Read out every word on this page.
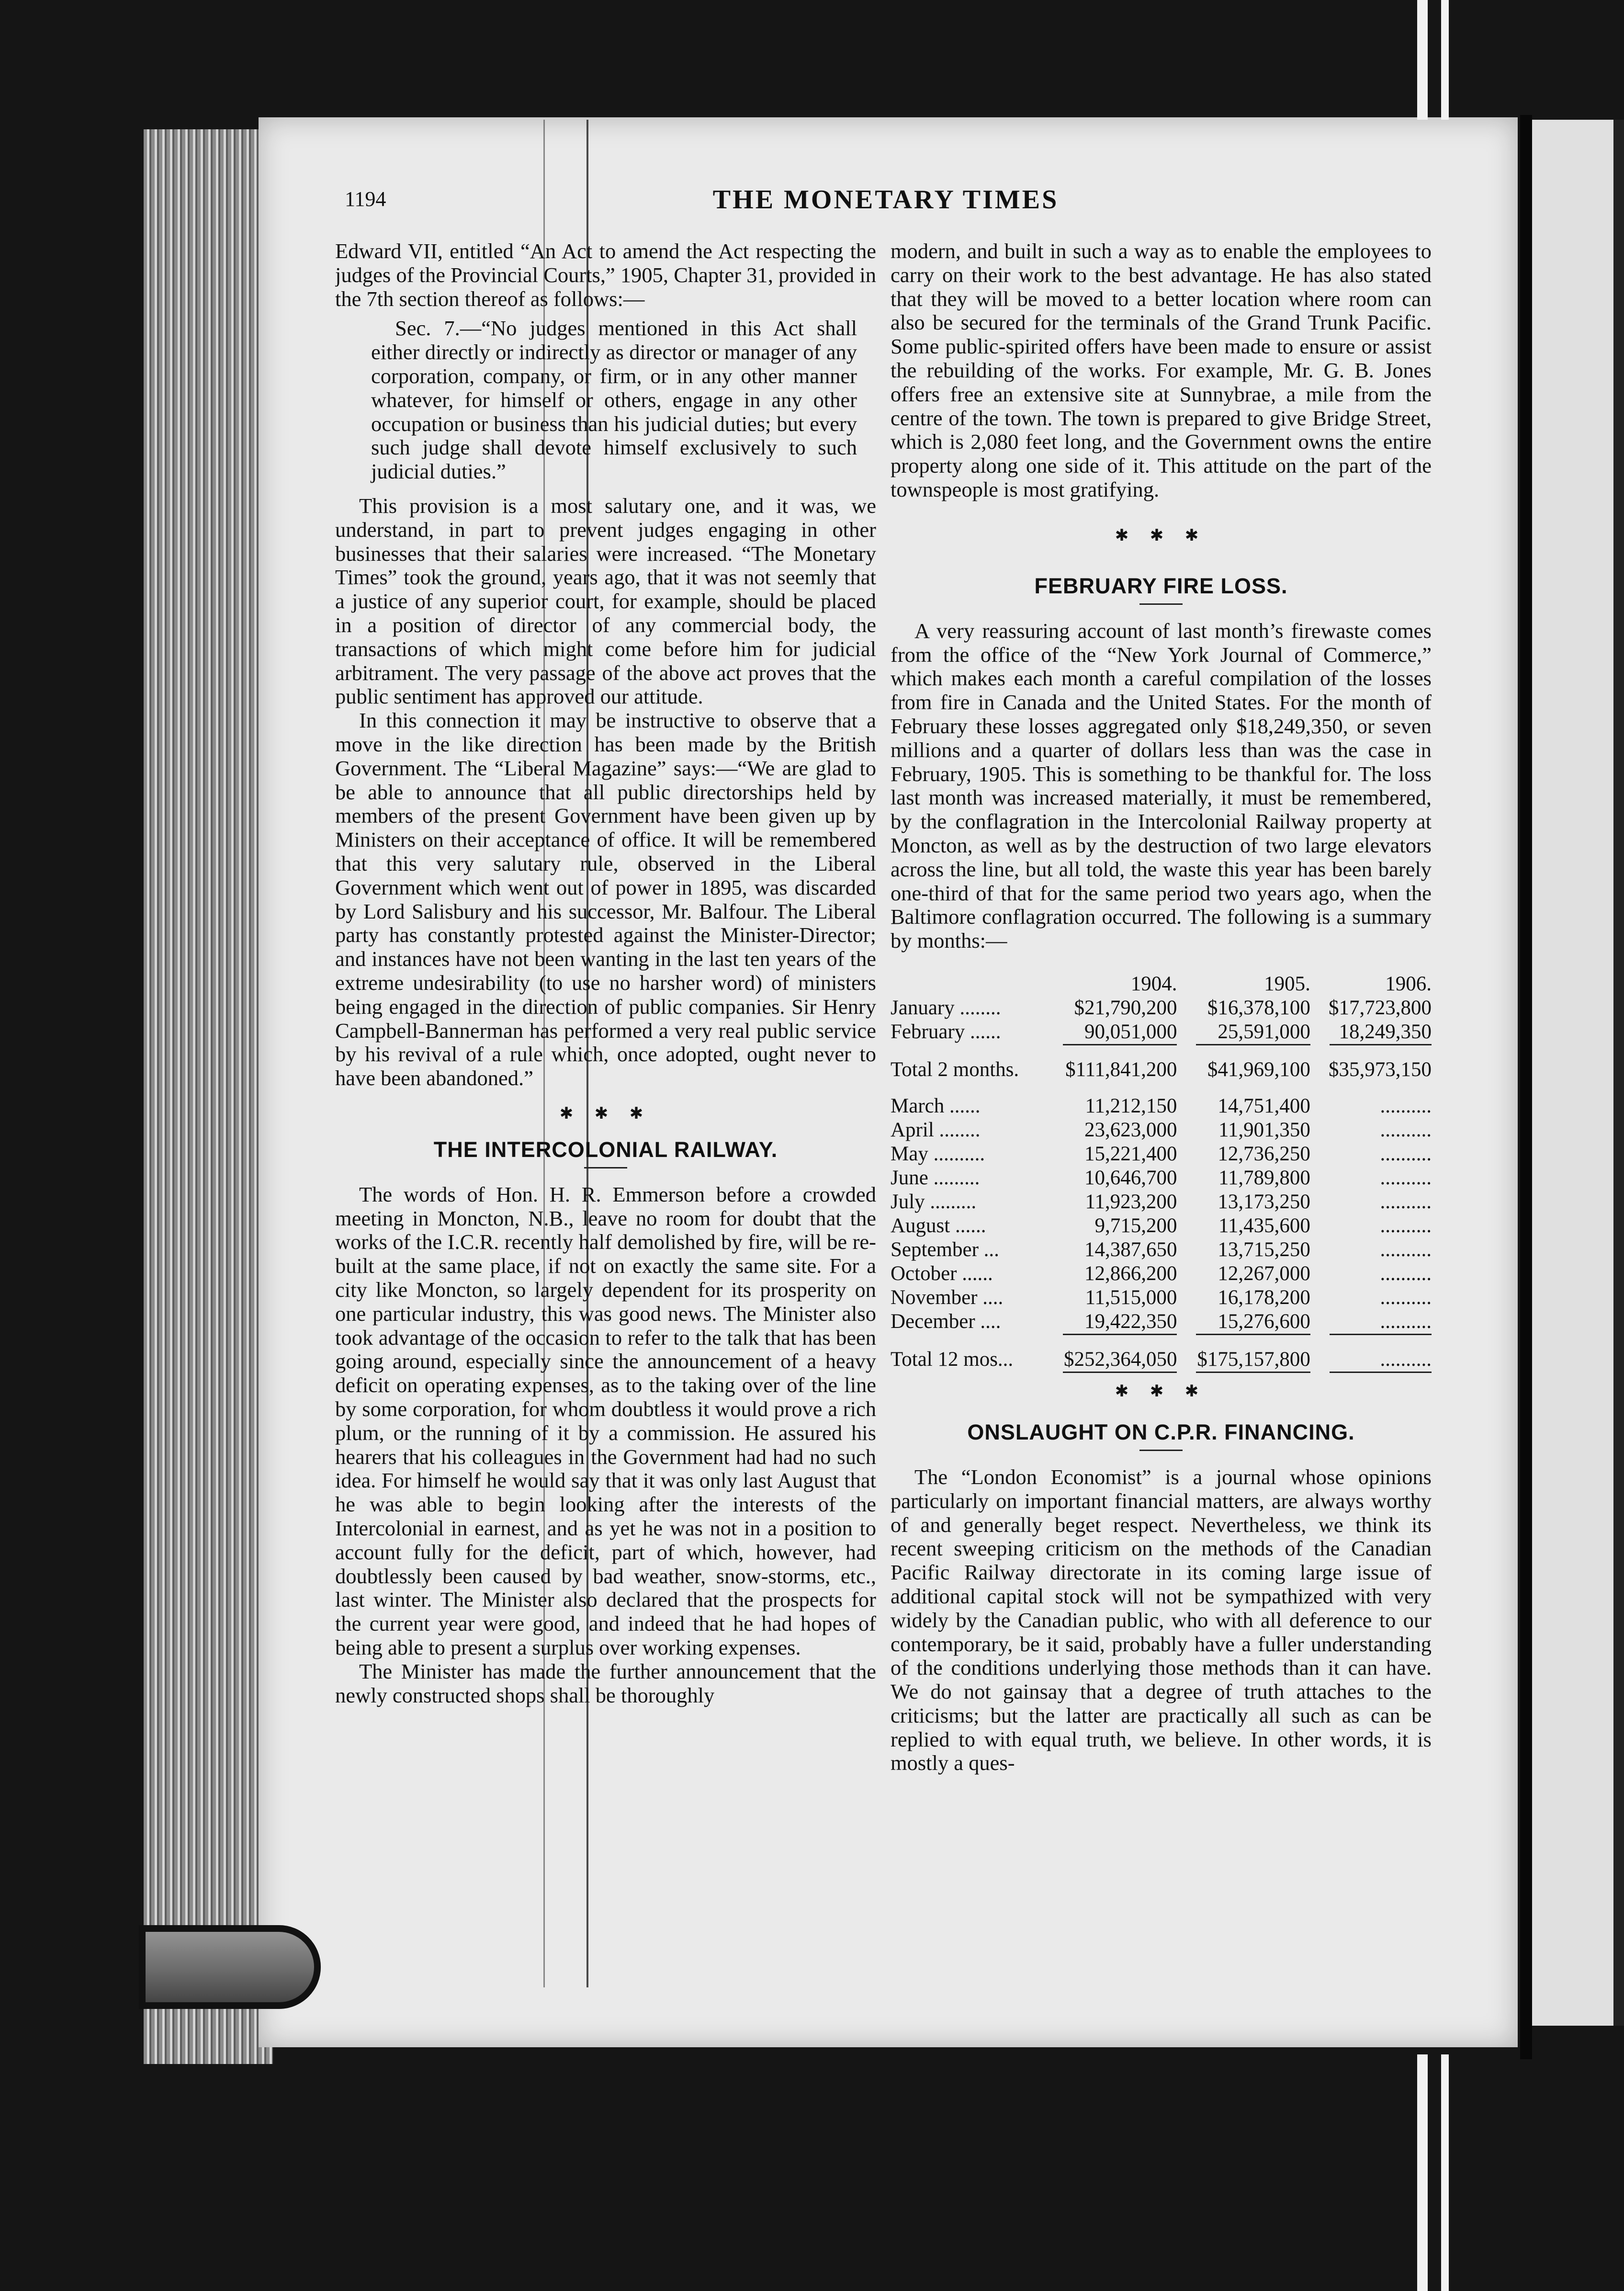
1194	THE MONETARY TIMES

Edward VII, entitled “An Act to amend the Act respecting the judges of the Provincial Courts,” 1905, Chapter 31, provided in the 7th section thereof as follows:—

Sec. 7.—“No judges mentioned in this Act shall either directly or indirectly as director or manager of any corporation, company, or firm, or in any other manner whatever, for himself or others, engage in any other occupation or business than his judicial duties; but every such judge shall devote himself exclusively to such judicial duties.”

This provision is a most salutary one, and it was, we understand, in part to prevent judges engaging in other businesses that their salaries were increased. “The Monetary Times” took the ground, years ago, that it was not seemly that a justice of any superior court, for example, should be placed in a position of director of any commercial body, the transactions of which might come before him for judicial arbitrament. The very passage of the above act proves that the public sentiment has approved our attitude.

In this connection it may be instructive to observe that a move in the like direction has been made by the British Government. The “Liberal Magazine” says:—“We are glad to be able to announce that all public directorships held by members of the present Government have been given up by Ministers on their acceptance of office. It will be remembered that this very salutary rule, observed in the Liberal Government which went out of power in 1895, was discarded by Lord Salisbury and his successor, Mr. Balfour. The Liberal party has constantly protested against the Minister-Director; and instances have not been wanting in the last ten years of the extreme undesirability (to use no harsher word) of ministers being engaged in the direction of public companies. Sir Henry Campbell-Bannerman has performed a very real public service by his revival of a rule which, once adopted, ought never to have been abandoned.”

✱ ✱ ✱
THE INTERCOLONIAL RAILWAY.

The words of Hon. H. R. Emmerson before a crowded meeting in Moncton, N.B., leave no room for doubt that the works of the I.C.R. recently half demolished by fire, will be re-built at the same place, if not on exactly the same site. For a city like Moncton, so largely dependent for its prosperity on one particular industry, this was good news. The Minister also took advantage of the occasion to refer to the talk that has been going around, especially since the announcement of a heavy deficit on operating expenses, as to the taking over of the line by some corporation, for whom doubtless it would prove a rich plum, or the running of it by a commission. He assured his hearers that his colleagues in the Government had had no such idea. For himself he would say that it was only last August that he was able to begin looking after the interests of the Intercolonial in earnest, and as yet he was not in a position to account fully for the deficit, part of which, however, had doubtlessly been caused by bad weather, snow-storms, etc., last winter. The Minister also declared that the prospects for the current year were good, and indeed that he had hopes of being able to present a surplus over working expenses.

The Minister has made the further announcement that the newly constructed shops shall be thoroughly

modern, and built in such a way as to enable the employees to carry on their work to the best advantage. He has also stated that they will be moved to a better location where room can also be secured for the terminals of the Grand Trunk Pacific. Some public-spirited offers have been made to ensure or assist the rebuilding of the works. For example, Mr. G. B. Jones offers free an extensive site at Sunnybrae, a mile from the centre of the town. The town is prepared to give Bridge Street, which is 2,080 feet long, and the Government owns the entire property along one side of it. This attitude on the part of the townspeople is most gratifying.

✱ ✱ ✱
FEBRUARY FIRE LOSS.

A very reassuring account of last month’s firewaste comes from the office of the “New York Journal of Commerce,” which makes each month a careful compilation of the losses from fire in Canada and the United States. For the month of February these losses aggregated only $18,249,350, or seven millions and a quarter of dollars less than was the case in February, 1905. This is something to be thankful for. The loss last month was increased materially, it must be remembered, by the conflagration in the Intercolonial Railway property at Moncton, as well as by the destruction of two large elevators across the line, but all told, the waste this year has been barely one-third of that for the same period two years ago, when the Baltimore conflagration occurred. The following is a summary by months:—

	1904.	1905.	1906.
January ........	$21,790,200	$16,378,100	$17,723,800
February ......	90,051,000	25,591,000	18,249,350

Total 2 months.	$111,841,200	$41,969,100	$35,973,150

March ......	11,212,150	14,751,400	..........
April ........	23,623,000	11,901,350	..........
May ..........	15,221,400	12,736,250	..........
June .........	10,646,700	11,789,800	..........
July .........	11,923,200	13,173,250	..........
August ......	9,715,200	11,435,600	..........
September ...	14,387,650	13,715,250	..........
October ......	12,866,200	12,267,000	..........
November ....	11,515,000	16,178,200	..........
December ....	19,422,350	15,276,600	..........

Total 12 mos...	$252,364,050	$175,157,800	..........

✱ ✱ ✱
ONSLAUGHT ON C.P.R. FINANCING.

The “London Economist” is a journal whose opinions particularly on important financial matters, are always worthy of and generally beget respect. Nevertheless, we think its recent sweeping criticism on the methods of the Canadian Pacific Railway directorate in its coming large issue of additional capital stock will not be sympathized with very widely by the Canadian public, who with all deference to our contemporary, be it said, probably have a fuller understanding of the conditions underlying those methods than it can have. We do not gainsay that a degree of truth attaches to the criticisms; but the latter are practically all such as can be replied to with equal truth, we believe. In other words, it is mostly a ques-
